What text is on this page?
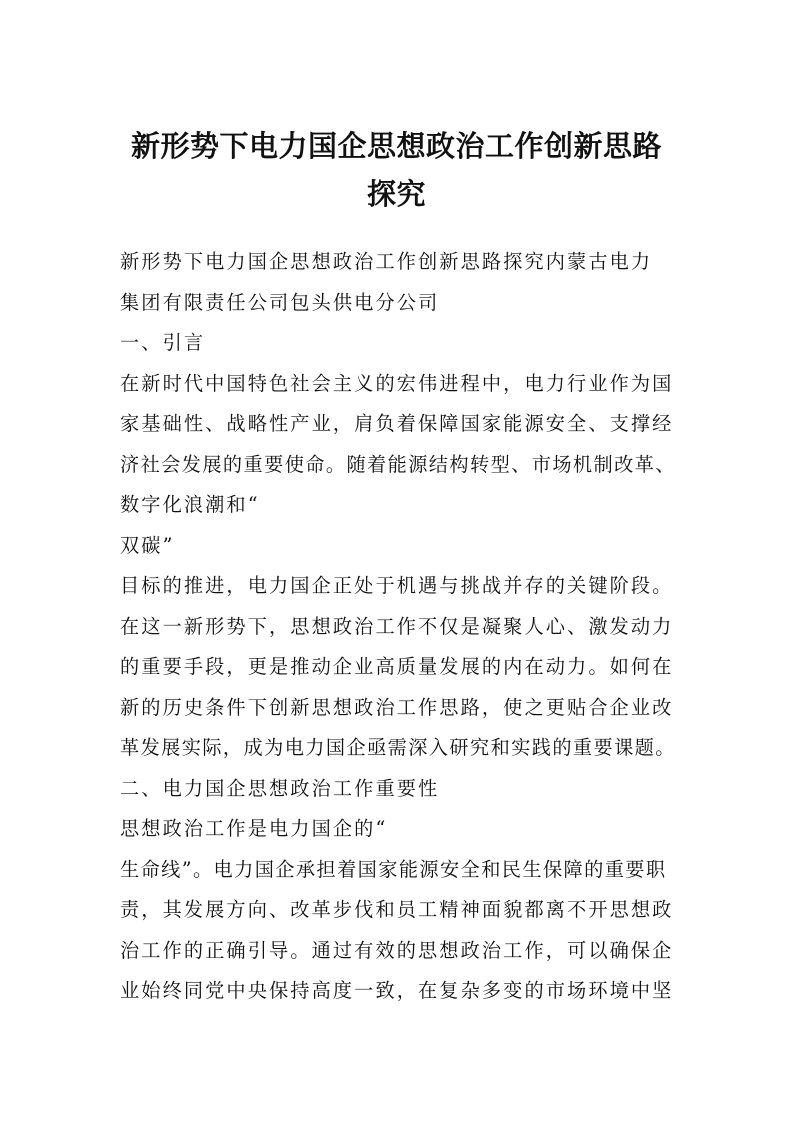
新形势下电力国企思想政治工作创新思路
探究
新形势下电力国企思想政治工作创新思路探究内蒙古电力
集团有限责任公司包头供电分公司
一、引言
在新时代中国特色社会主义的宏伟进程中，电力行业作为国
家基础性、战略性产业，肩负着保障国家能源安全、支撑经
济社会发展的重要使命。随着能源结构转型、市场机制改革、
数字化浪潮和“
双碳”
目标的推进，电力国企正处于机遇与挑战并存的关键阶段。
在这一新形势下，思想政治工作不仅是凝聚人心、激发动力
的重要手段，更是推动企业高质量发展的内在动力。如何在
新的历史条件下创新思想政治工作思路，使之更贴合企业改
革发展实际，成为电力国企亟需深入研究和实践的重要课题。
二、电力国企思想政治工作重要性
思想政治工作是电力国企的“
生命线”。电力国企承担着国家能源安全和民生保障的重要职
责，其发展方向、改革步伐和员工精神面貌都离不开思想政
治工作的正确引导。通过有效的思想政治工作，可以确保企
业始终同党中央保持高度一致，在复杂多变的市场环境中坚
